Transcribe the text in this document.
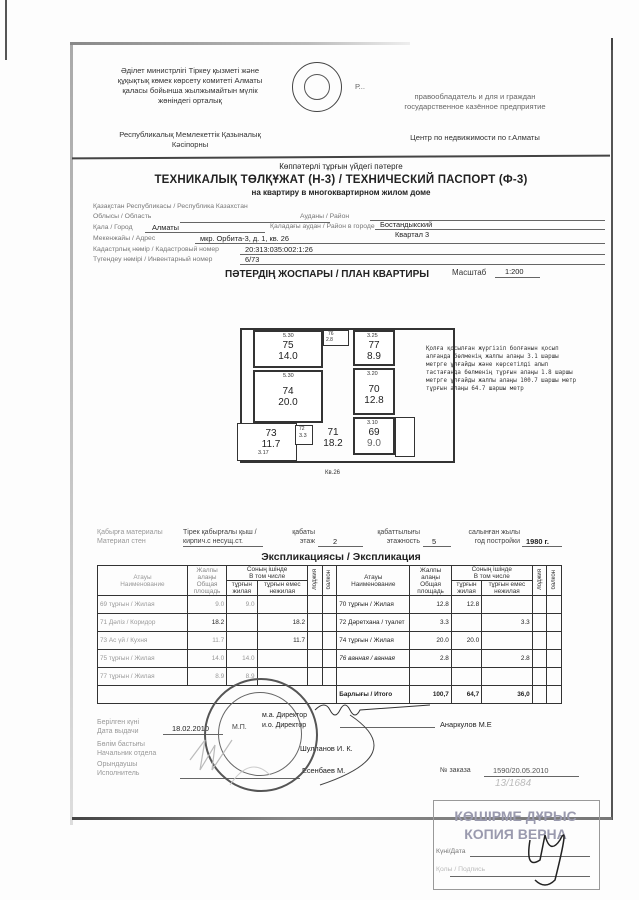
Әділет министрлігі Тіркеу қызметі және
құқықтық көмек көрсету комитеті Алматы
қаласы бойынша жылжымайтын мүлік
жөніндегі орталық
Республикалық Мемлекеттік Қазыналық
Кәсіпорны
Р...
правообладатель и для и граждан
государственное казённое предприятие
Центр по недвижимости по г.Алматы
Көппәтерлі тұрғын үйдегі пәтерге
ТЕХНИКАЛЫҚ ТӨЛҚҰЖАТ (Н-3) / ТЕХНИЧЕСКИЙ ПАСПОРТ (Ф-3)
на квартиру в многоквартирном жилом доме
Қазақстан Республикасы / Республика Казахстан
Облысы / Область	Ауданы / Район
Қала / Город	Алматы	Қаладағы аудан / Район в городе Бостандыкский
Мекенжайы / Адрес	мкр. Орбита-3, д. 1, кв. 26	Квартал 3
Кадастрлық нөмір / Кадастровый номер	20:313:035:002:1:26
Түгендеу нөмірі / Инвентарный номер	6/73
ПӘТЕРДІҢ ЖОСПАРЫ / ПЛАН КВАРТИРЫ	Масштаб	1:200
5.30
75
14.0
5.30
74
20.0
76
2.8
3.25
77
8.9
3.20
70
12.8
3.10
69
9.0
3.17
73
11.7
72
3.3	71
18.2
Кв.26
Қолға қосылған жүргізіп болғанын қосып алғанда бөлменің жалпы алаңы 3.1 шаршы метрге ұлғайды және көрсетілді алып тастағанда бөлменің тұрғын алаңы 1.8 шаршы метрге ұлғайды жалпы алаңы 100.7 шаршы метр тұрғын алаңы 64.7 шаршы метр
Қабырға материалы
Материал стен
Тірек қабырғалы қыш /
кирпич.с несущ.ст.
қабаты
этаж 2
қабаттылығы
этажность 5
салынған жылы
год постройки 1980 г.
Экспликациясы / Экспликация
Атауы
Наименование	Жалпы
алаңы
Общая
площадь	Соның ішінде
В том числе		лоджия	балкон	Атауы
Наименование	Жалпы
алаңы
Общая
площадь	Соның ішінде
В том числе		лоджия	балкон
		тұрғын
жилая	тұрғын емес
нежилая					тұрғын
жилая	тұрғын емес
нежилая		
69 тұрғын / Жилая	9.0	9.0				70 тұрғын / Жилая	12.8	12.8			
71 Дәліз / Коридор	18.2		18.2			72 Дәретхана / туалет	3.3		3.3		
73 Ас үй / Кухня	11.7		11.7			74 тұрғын / Жилая	20.0	20.0			
75 тұрғын / Жилая	14.0	14.0				76 ванная / ванная	2.8		2.8		
77 тұрғын / Жилая	8.9	8.9									
						Барлығы / Итого	100,7	64,7	36,0		
Берілген күні
Дата выдачи	18.02.2010
Бөлім бастығы
Начальник отдела
Орындаушы
Исполнитель
М.П.
м.а. Директор
и.о. Директор	Анаркулов М.Е
Шулпанов И. К.
Есенбаев М.	№ заказа	1590/20.05.2010
13/1684
КӨШІРМЕ ДҰРЫС
КОПИЯ ВЕРНА
Күні/Дата
Қолы / Подпись
